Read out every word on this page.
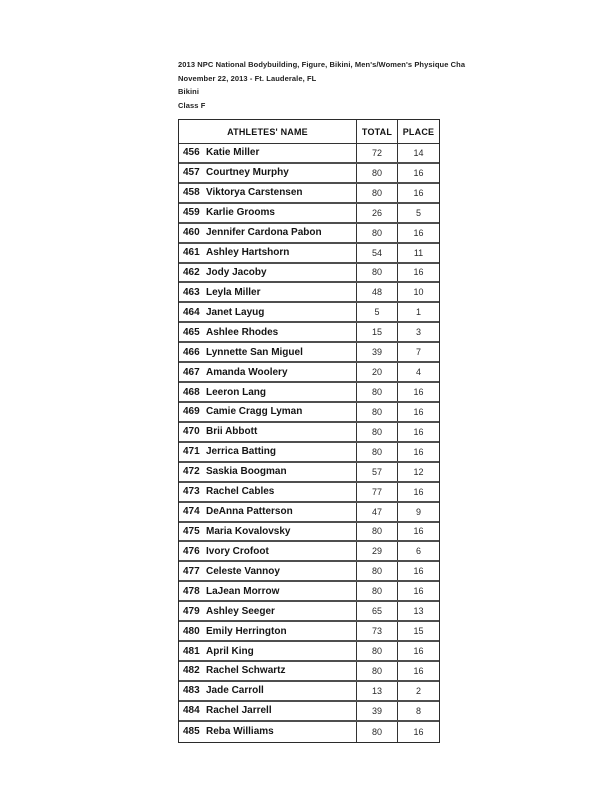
2013 NPC National Bodybuilding, Figure, Bikini, Men's/Women's Physique Cha
November 22, 2013 - Ft. Lauderale, FL
Bikini
Class F
ATHLETES' NAME	TOTAL	PLACE
456 Katie Miller	72	14
457 Courtney Murphy	80	16
458 Viktorya Carstensen	80	16
459 Karlie Grooms	26	5
460 Jennifer Cardona Pabon	80	16
461 Ashley Hartshorn	54	11
462 Jody Jacoby	80	16
463 Leyla Miller	48	10
464 Janet Layug	5	1
465 Ashlee Rhodes	15	3
466 Lynnette San Miguel	39	7
467 Amanda Woolery	20	4
468 Leeron Lang	80	16
469 Camie Cragg Lyman	80	16
470 Brii Abbott	80	16
471 Jerrica Batting	80	16
472 Saskia Boogman	57	12
473 Rachel Cables	77	16
474 DeAnna Patterson	47	9
475 Maria Kovalovsky	80	16
476 Ivory Crofoot	29	6
477 Celeste Vannoy	80	16
478 LaJean Morrow	80	16
479 Ashley Seeger	65	13
480 Emily Herrington	73	15
481 April King	80	16
482 Rachel Schwartz	80	16
483 Jade Carroll	13	2
484 Rachel Jarrell	39	8
485 Reba Williams	80	16
